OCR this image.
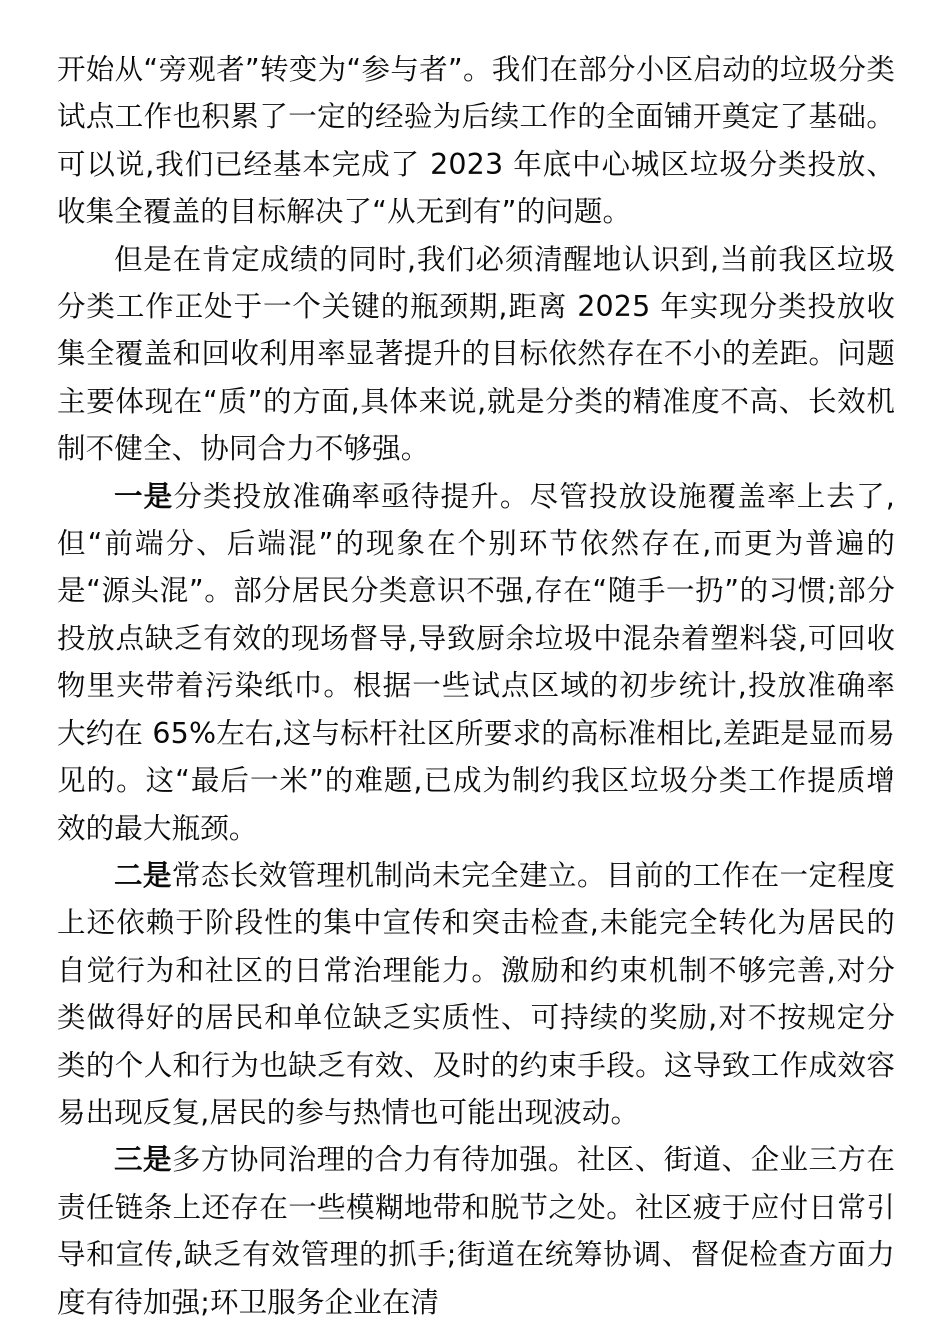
开始从“旁观者”转变为“参与者”。我们在部分小区启动的垃圾分类试点工作也积累了一定的经验为后续工作的全面铺开奠定了基础。可以说,我们已经基本完成了 2023 年底中心城区垃圾分类投放、收集全覆盖的目标解决了“从无到有”的问题。

但是在肯定成绩的同时,我们必须清醒地认识到,当前我区垃圾分类工作正处于一个关键的瓶颈期,距离 2025 年实现分类投放收集全覆盖和回收利用率显著提升的目标依然存在不小的差距。问题主要体现在“质”的方面,具体来说,就是分类的精准度不高、长效机制不健全、协同合力不够强。

一是分类投放准确率亟待提升。尽管投放设施覆盖率上去了,但“前端分、后端混”的现象在个别环节依然存在,而更为普遍的是“源头混”。部分居民分类意识不强,存在“随手一扔”的习惯;部分投放点缺乏有效的现场督导,导致厨余垃圾中混杂着塑料袋,可回收物里夹带着污染纸巾。根据一些试点区域的初步统计,投放准确率大约在 65%左右,这与标杆社区所要求的高标准相比,差距是显而易见的。这“最后一米”的难题,已成为制约我区垃圾分类工作提质增效的最大瓶颈。

二是常态长效管理机制尚未完全建立。目前的工作在一定程度上还依赖于阶段性的集中宣传和突击检查,未能完全转化为居民的自觉行为和社区的日常治理能力。激励和约束机制不够完善,对分类做得好的居民和单位缺乏实质性、可持续的奖励,对不按规定分类的个人和行为也缺乏有效、及时的约束手段。这导致工作成效容易出现反复,居民的参与热情也可能出现波动。

三是多方协同治理的合力有待加强。社区、街道、企业三方在责任链条上还存在一些模糊地带和脱节之处。社区疲于应付日常引导和宣传,缺乏有效管理的抓手;街道在统筹协调、督促检查方面力度有待加强;环卫服务企业在清
